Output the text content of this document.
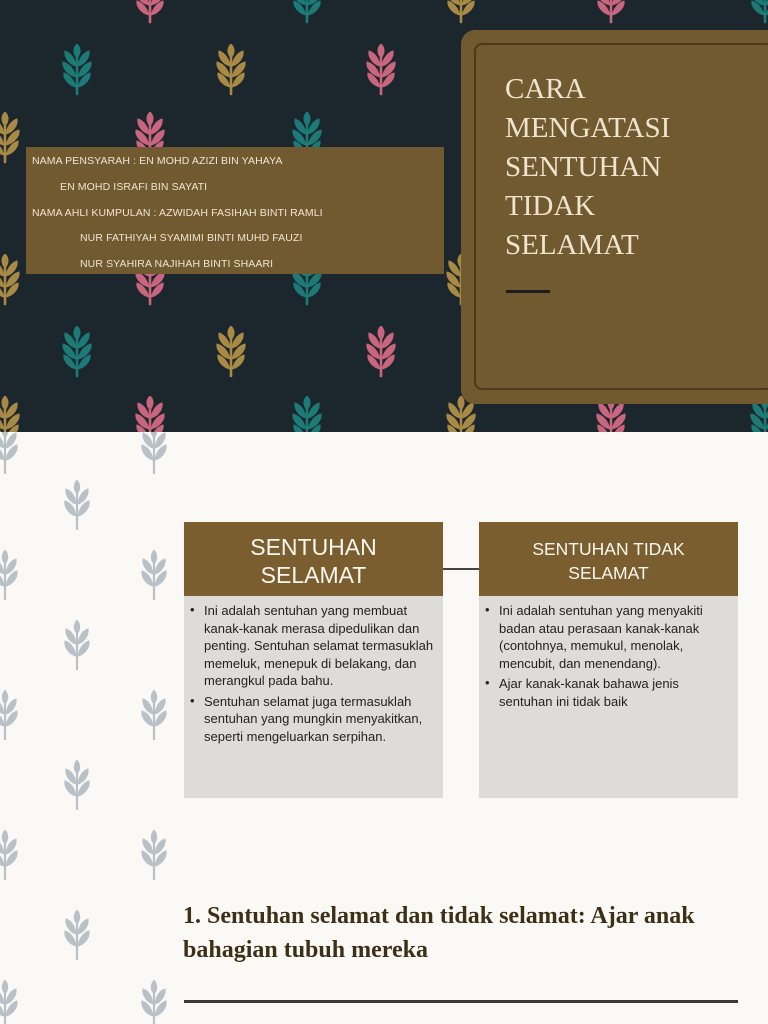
NAMA PENSYARAH : EN MOHD AZIZI BIN YAHAYA
EN MOHD ISRAFI BIN SAYATI
NAMA AHLI KUMPULAN : AZWIDAH FASIHAH BINTI RAMLI
NUR FATHIYAH SYAMIMI BINTI MUHD FAUZI
NUR SYAHIRA NAJIHAH BINTI SHAARI
CARA
MENGATASI
SENTUHAN
TIDAK
SELAMAT
SENTUHAN SELAMAT
• Ini adalah sentuhan yang membuat kanak-kanak merasa dipedulikan dan penting. Sentuhan selamat termasuklah memeluk, menepuk di belakang, dan merangkul pada bahu.
• Sentuhan selamat juga termasuklah sentuhan yang mungkin menyakitkan, seperti mengeluarkan serpihan.
SENTUHAN TIDAK SELAMAT
• Ini adalah sentuhan yang menyakiti badan atau perasaan kanak-kanak (contohnya, memukul, menolak, mencubit, dan menendang).
• Ajar kanak-kanak bahawa jenis sentuhan ini tidak baik
1. Sentuhan selamat dan tidak selamat: Ajar anak bahagian tubuh mereka
